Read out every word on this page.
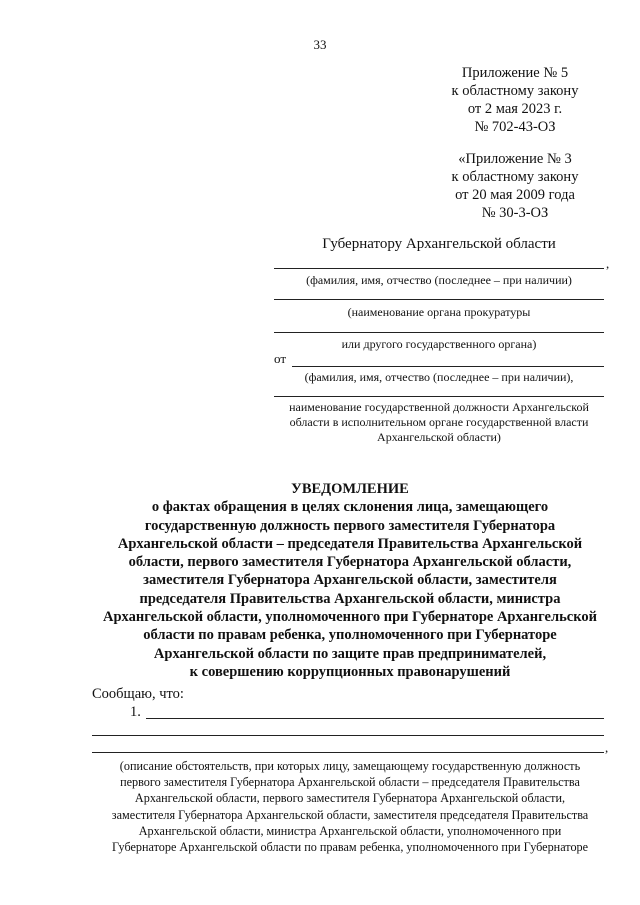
33
Приложение № 5
к областному закону
от 2 мая 2023 г.
№ 702-43-ОЗ
«Приложение № 3
к областному закону
от 20 мая 2009 года
№ 30-3-ОЗ
Губернатору Архангельской области
,
(фамилия, имя, отчество (последнее – при наличии)
(наименование органа прокуратуры
или другого государственного органа)
от
(фамилия, имя, отчество (последнее – при наличии),
наименование государственной должности Архангельской области в исполнительном органе государственной власти Архангельской области)
УВЕДОМЛЕНИЕ
о фактах обращения в целях склонения лица, замещающего
государственную должность первого заместителя Губернатора
Архангельской области – председателя Правительства Архангельской
области, первого заместителя Губернатора Архангельской области,
заместителя Губернатора Архангельской области, заместителя
председателя Правительства Архангельской области, министра
Архангельской области, уполномоченного при Губернаторе Архангельской
области по правам ребенка, уполномоченного при Губернаторе
Архангельской области по защите прав предпринимателей,
к совершению коррупционных правонарушений
Сообщаю, что:
1.
,
(описание обстоятельств, при которых лицу, замещающему государственную должность
первого заместителя Губернатора Архангельской области – председателя Правительства
Архангельской области, первого заместителя Губернатора Архангельской области,
заместителя Губернатора Архангельской области, заместителя председателя Правительства
Архангельской области, министра Архангельской области, уполномоченного при
Губернаторе Архангельской области по правам ребенка, уполномоченного при Губернаторе
